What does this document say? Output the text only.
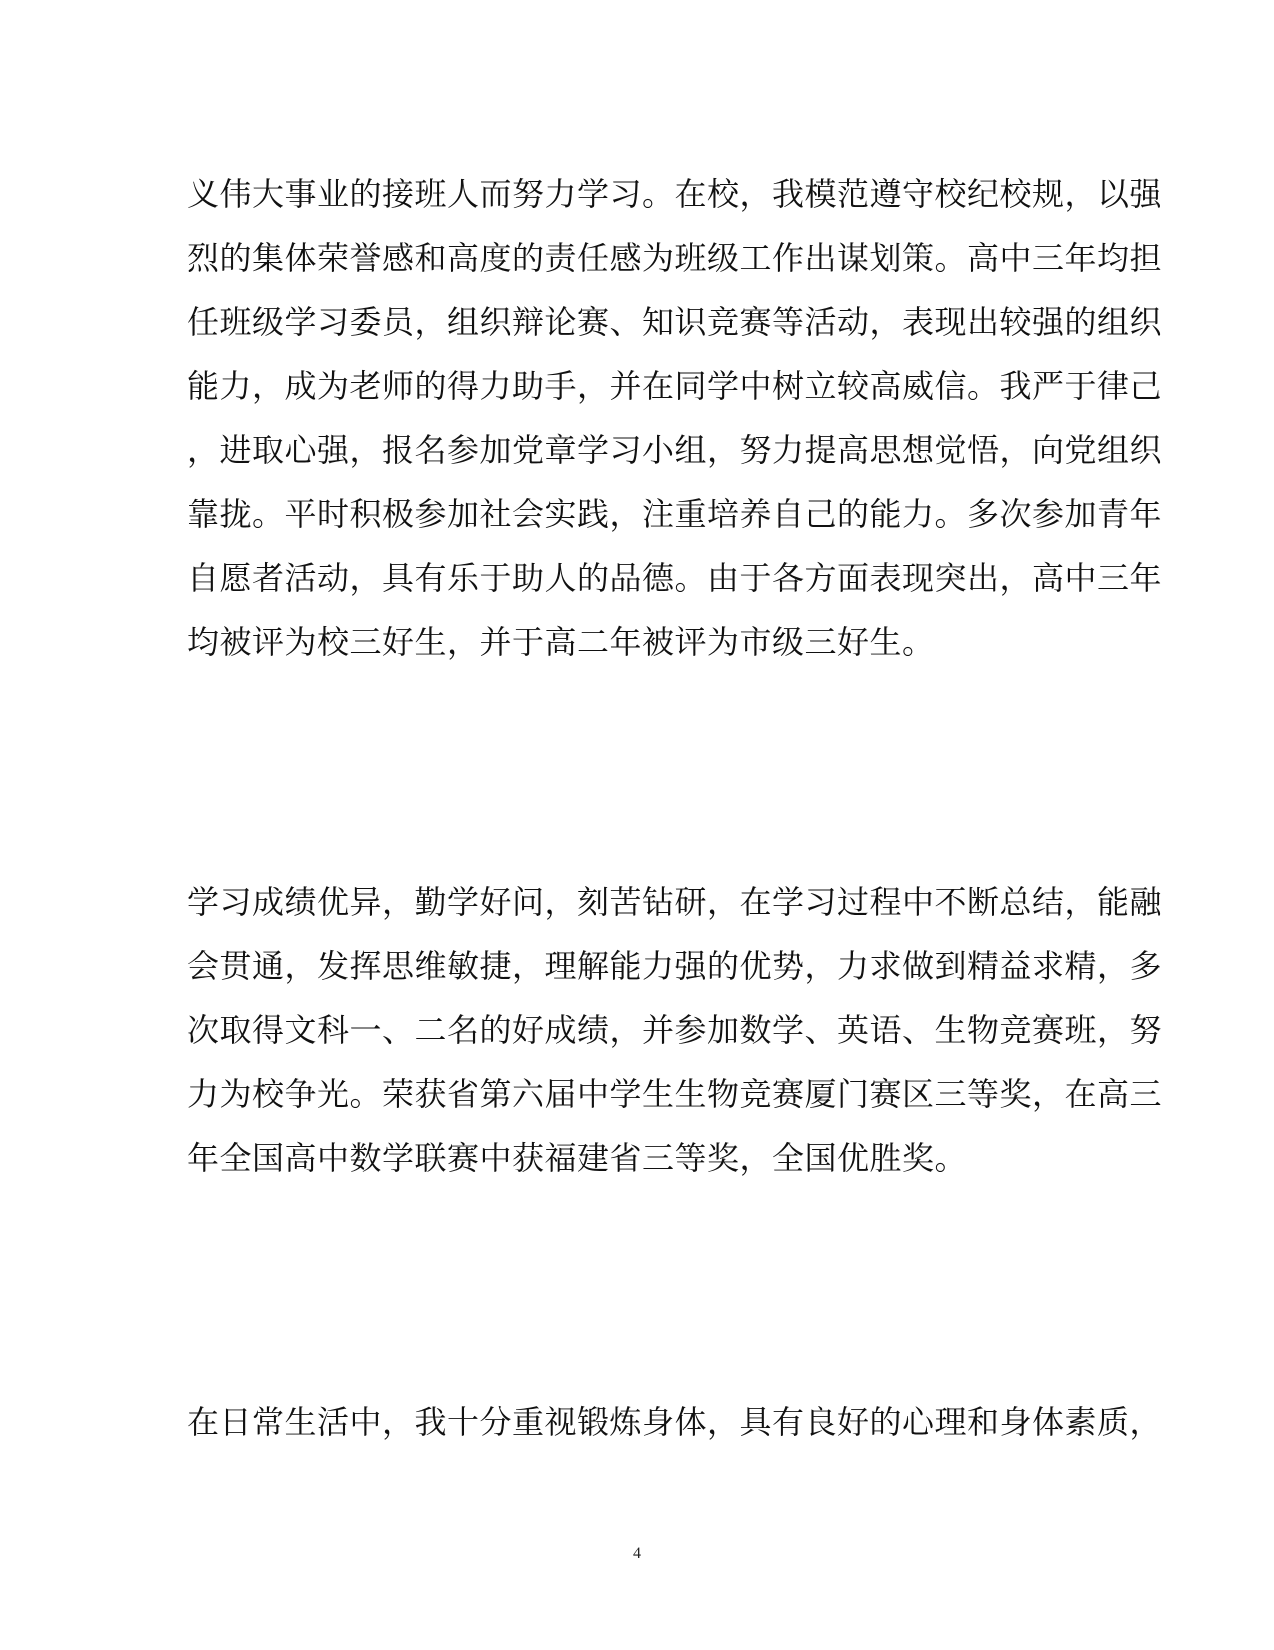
义伟大事业的接班人而努力学习。在校，我模范遵守校纪校规，以强
烈的集体荣誉感和高度的责任感为班级工作出谋划策。高中三年均担
任班级学习委员，组织辩论赛、知识竞赛等活动，表现出较强的组织
能力，成为老师的得力助手，并在同学中树立较高威信。我严于律己
，进取心强，报名参加党章学习小组，努力提高思想觉悟，向党组织
靠拢。平时积极参加社会实践，注重培养自己的能力。多次参加青年
自愿者活动，具有乐于助人的品德。由于各方面表现突出，高中三年
均被评为校三好生，并于高二年被评为市级三好生。
学习成绩优异，勤学好问，刻苦钻研，在学习过程中不断总结，能融
会贯通，发挥思维敏捷，理解能力强的优势，力求做到精益求精，多
次取得文科一、二名的好成绩，并参加数学、英语、生物竞赛班，努
力为校争光。荣获省第六届中学生生物竞赛厦门赛区三等奖，在高三
年全国高中数学联赛中获福建省三等奖，全国优胜奖。
在日常生活中，我十分重视锻炼身体，具有良好的心理和身体素质，
4
